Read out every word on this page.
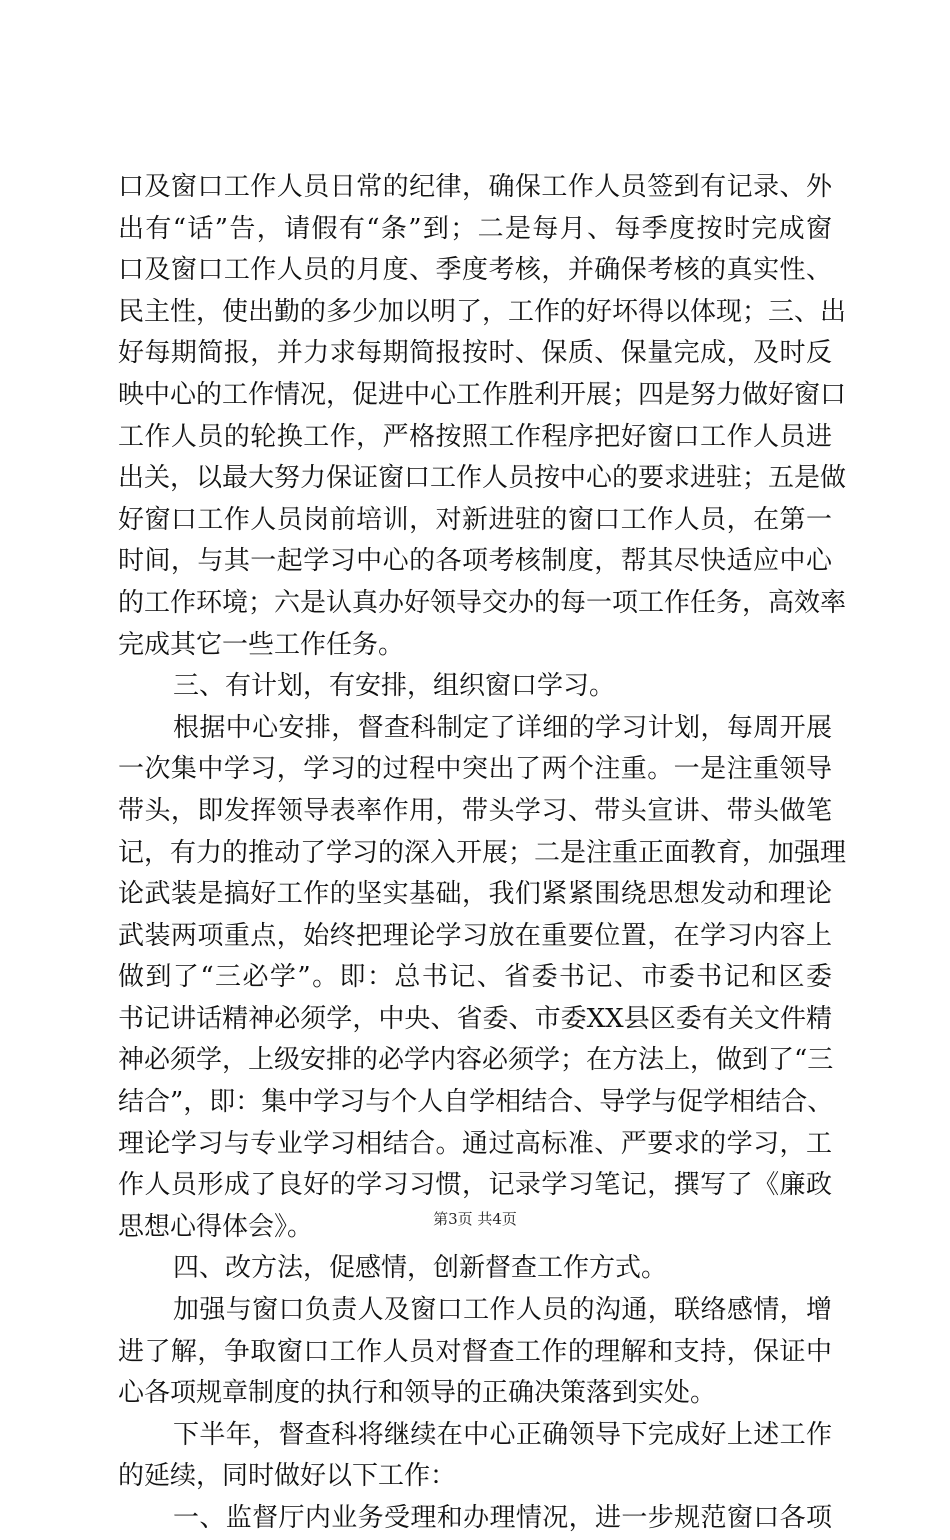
口及窗口工作人员日常的纪律，确保工作人员签到有记录、外
出有“话”告，请假有“条”到；二是每月、每季度按时完成窗
口及窗口工作人员的月度、季度考核，并确保考核的真实性、
民主性，使出勤的多少加以明了，工作的好坏得以体现；三、出
好每期简报，并力求每期简报按时、保质、保量完成，及时反
映中心的工作情况，促进中心工作胜利开展；四是努力做好窗口
工作人员的轮换工作，严格按照工作程序把好窗口工作人员进
出关，以最大努力保证窗口工作人员按中心的要求进驻；五是做
好窗口工作人员岗前培训，对新进驻的窗口工作人员，在第一
时间，与其一起学习中心的各项考核制度，帮其尽快适应中心
的工作环境；六是认真办好领导交办的每一项工作任务，高效率
完成其它一些工作任务。
三、有计划，有安排，组织窗口学习。
根据中心安排，督查科制定了详细的学习计划，每周开展
一次集中学习，学习的过程中突出了两个注重。一是注重领导
带头，即发挥领导表率作用，带头学习、带头宣讲、带头做笔
记，有力的推动了学习的深入开展；二是注重正面教育，加强理
论武装是搞好工作的坚实基础，我们紧紧围绕思想发动和理论
武装两项重点，始终把理论学习放在重要位置，在学习内容上
做到了“三必学”。即：总书记、省委书记、市委书记和区委
书记讲话精神必须学，中央、省委、市委XX县区委有关文件精
神必须学，上级安排的必学内容必须学；在方法上，做到了“三
结合”，即：集中学习与个人自学相结合、导学与促学相结合、
理论学习与专业学习相结合。通过高标准、严要求的学习，工
作人员形成了良好的学习习惯，记录学习笔记，撰写了《廉政
思想心得体会》。
四、改方法，促感情，创新督查工作方式。
加强与窗口负责人及窗口工作人员的沟通，联络感情，增
进了解，争取窗口工作人员对督查工作的理解和支持，保证中
心各项规章制度的执行和领导的正确决策落到实处。
下半年，督查科将继续在中心正确领导下完成好上述工作
的延续，同时做好以下工作：
一、监督厅内业务受理和办理情况，进一步规范窗口各项
第3页 共4页
